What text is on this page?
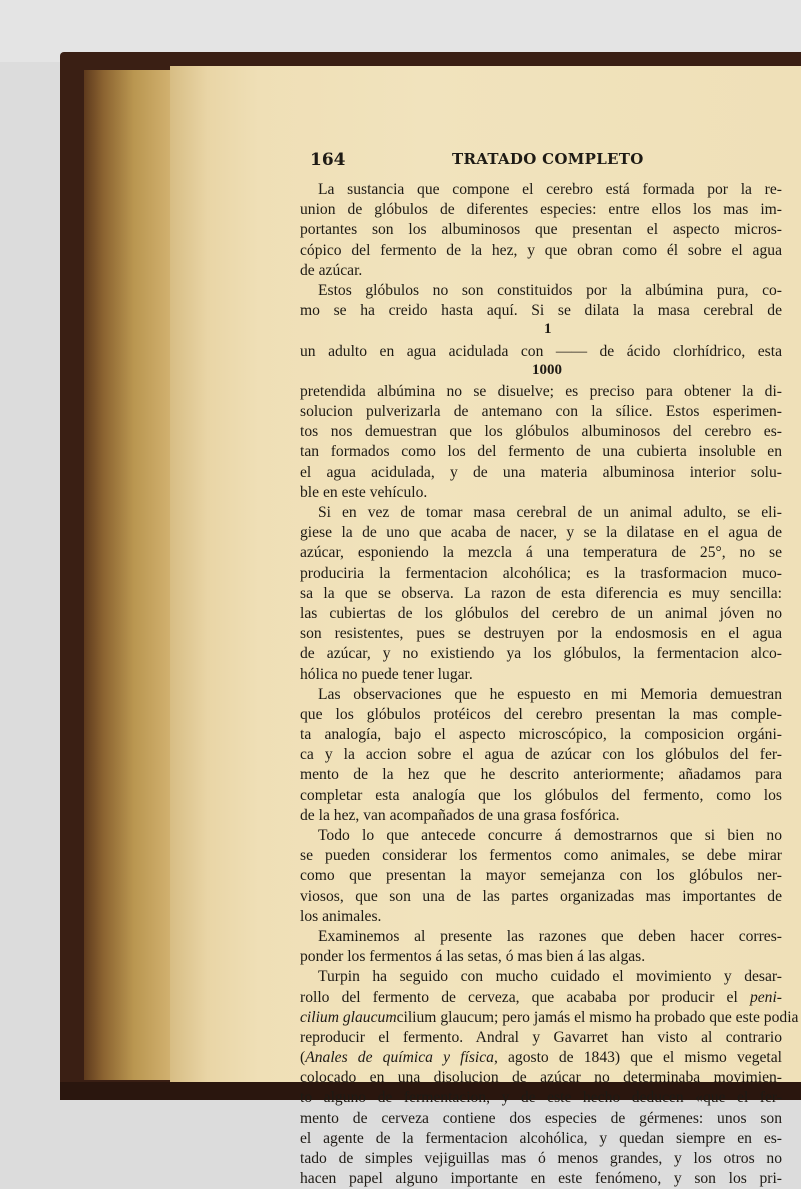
164	TRATADO COMPLETO
La sustancia que compone el cerebro está formada por la re-
union de glóbulos de diferentes especies: entre ellos los mas im-
portantes son los albuminosos que presentan el aspecto micros-
cópico del fermento de la hez, y que obran como él sobre el agua
de azúcar.
Estos glóbulos no son constituidos por la albúmina pura, co-
mo se ha creido hasta aquí. Si se dilata la masa cerebral de
1
un adulto en agua acidulada con —— de ácido clorhídrico, esta
1000
pretendida albúmina no se disuelve; es preciso para obtener la di-
solucion pulverizarla de antemano con la sílice. Estos esperimen-
tos nos demuestran que los glóbulos albuminosos del cerebro es-
tan formados como los del fermento de una cubierta insoluble en
el agua acidulada, y de una materia albuminosa interior solu-
ble en este vehículo.
Si en vez de tomar masa cerebral de un animal adulto, se eli-
giese la de uno que acaba de nacer, y se la dilatase en el agua de
azúcar, esponiendo la mezcla á una temperatura de 25°, no se
produciria la fermentacion alcohólica; es la trasformacion muco-
sa la que se observa. La razon de esta diferencia es muy sencilla:
las cubiertas de los glóbulos del cerebro de un animal jóven no
son resistentes, pues se destruyen por la endosmosis en el agua
de azúcar, y no existiendo ya los glóbulos, la fermentacion alco-
hólica no puede tener lugar.
Las observaciones que he espuesto en mi Memoria demuestran
que los glóbulos protéicos del cerebro presentan la mas comple-
ta analogía, bajo el aspecto microscópico, la composicion orgáni-
ca y la accion sobre el agua de azúcar con los glóbulos del fer-
mento de la hez que he descrito anteriormente; añadamos para
completar esta analogía que los glóbulos del fermento, como los
de la hez, van acompañados de una grasa fosfórica.
Todo lo que antecede concurre á demostrarnos que si bien no
se pueden considerar los fermentos como animales, se debe mirar
como que presentan la mayor semejanza con los glóbulos ner-
viosos, que son una de las partes organizadas mas importantes de
los animales.
Examinemos al presente las razones que deben hacer corres-
ponder los fermentos á las setas, ó mas bien á las algas.
Turpin ha seguido con mucho cuidado el movimiento y desar-
rollo del fermento de cerveza, que acababa por producir el peni-
cilium glaucumcilium glaucum; pero jamás el mismo ha probado que este podia
reproducir el fermento. Andral y Gavarret han visto al contrario
(Anales de química y física, agosto de 1843) que el mismo vegetal
colocado en una disolucion de azúcar no determinaba movimien-
to alguno de fermentacion, y de este hecho deducen «que el fer-
mento de cerveza contiene dos especies de gérmenes: unos son
el agente de la fermentacion alcohólica, y quedan siempre en es-
tado de simples vejiguillas mas ó menos grandes, y los otros no
hacen papel alguno importante en este fenómeno, y son los pri-
